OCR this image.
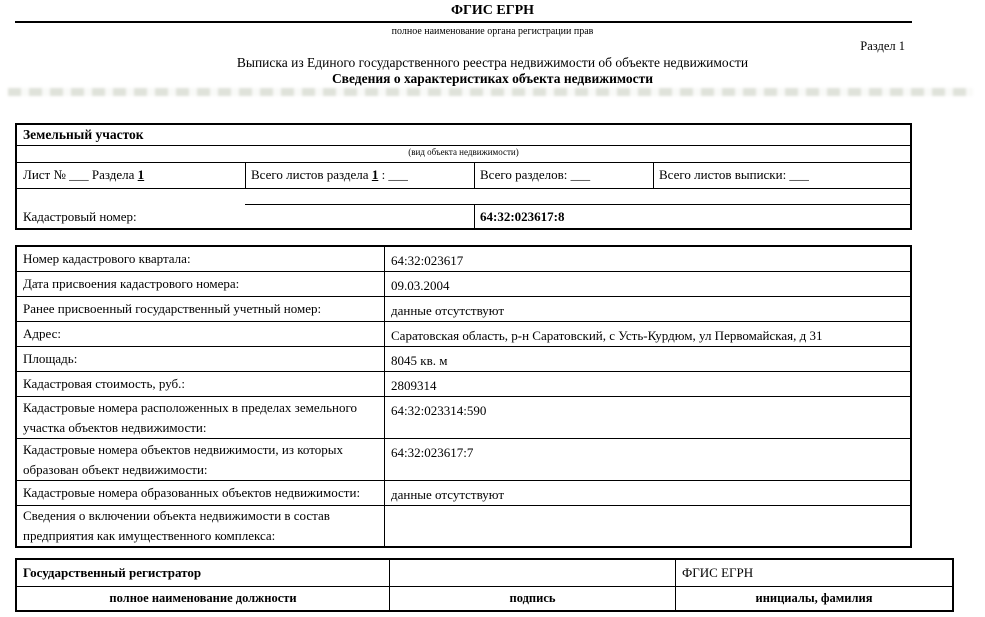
ФГИС ЕГРН
полное наименование органа регистрации прав
Раздел 1
Выписка из Единого государственного реестра недвижимости об объекте недвижимости
Сведения о характеристиках объекта недвижимости
Земельный участок
(вид объекта недвижимости)
Лист № ___ Раздела 1	Всего листов раздела 1 : ___	Всего разделов: ___	Всего листов выписки: ___
Кадастровый номер:	64:32:023617:8
Номер кадастрового квартала:	64:32:023617
Дата присвоения кадастрового номера:	09.03.2004
Ранее присвоенный государственный учетный номер:	данные отсутствуют
Адрес:	Саратовская область, р-н Саратовский, с Усть-Курдюм, ул Первомайская, д 31
Площадь:	8045 кв. м
Кадастровая стоимость, руб.:	2809314
Кадастровые номера расположенных в пределах земельного участка объектов недвижимости:	64:32:023314:590
Кадастровые номера объектов недвижимости, из которых образован объект недвижимости:	64:32:023617:7
Кадастровые номера образованных объектов недвижимости:	данные отсутствуют
Сведения о включении объекта недвижимости в состав предприятия как имущественного комплекса:	
Государственный регистратор		ФГИС ЕГРН
полное наименование должности	подпись	инициалы, фамилия
